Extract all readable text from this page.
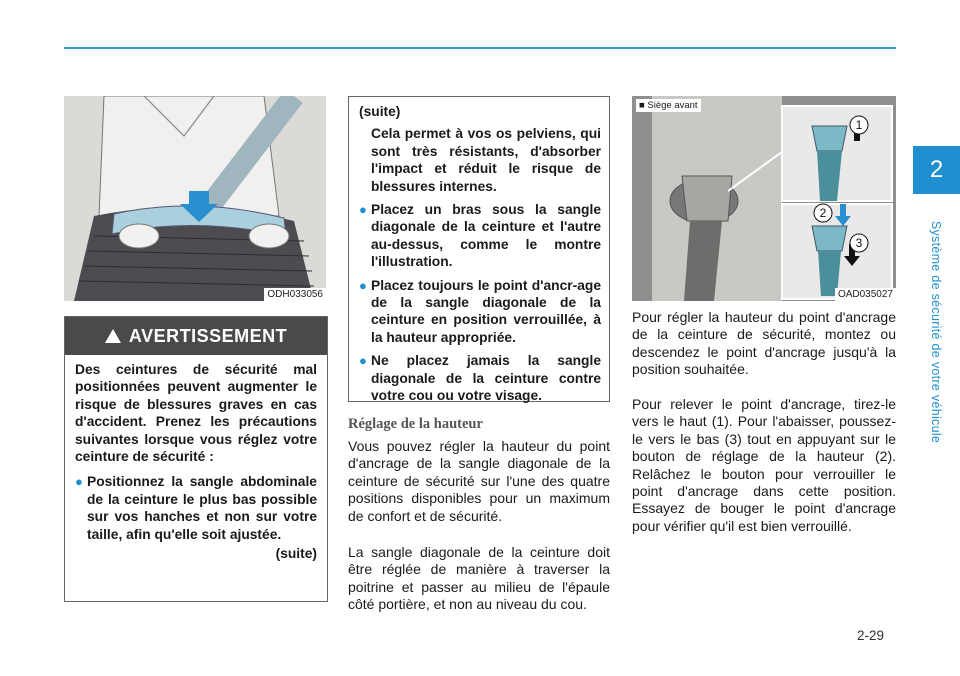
2
Système de sécurité de votre véhicule
2-29
ODH033056
AVERTISSEMENT

Des ceintures de sécurité mal positionnées peuvent augmenter le risque de blessures graves en cas d'accident. Prenez les précautions suivantes lorsque vous réglez votre ceinture de sécurité :

● Positionnez la sangle abdominale de la ceinture le plus bas possible sur vos hanches et non sur votre taille, afin qu'elle soit ajustée.
(suite)
(suite)
Cela permet à vos os pelviens, qui sont très résistants, d'absorber l'impact et réduit le risque de blessures internes.
● Placez un bras sous la sangle diagonale de la ceinture et l'autre au-dessus, comme le montre l'illustration.
● Placez toujours le point d'ancr-age de la sangle diagonale de la ceinture en position verrouillée, à la hauteur appropriée.
● Ne placez jamais la sangle diagonale de la ceinture contre votre cou ou votre visage.
Réglage de la hauteur
Vous pouvez régler la hauteur du point d'ancrage de la sangle diagonale de la ceinture de sécurité sur l'une des quatre positions disponibles pour un maximum de confort et de sécurité.
La sangle diagonale de la ceinture doit être réglée de manière à traverser la poitrine et passer au milieu de l'épaule côté portière, et non au niveau du cou.
1
2
3
■ Siège avant
OAD035027
Pour régler la hauteur du point d'ancrage de la ceinture de sécurité, montez ou descendez le point d'ancrage jusqu'à la position souhaitée.
Pour relever le point d'ancrage, tirez-le vers le haut (1). Pour l'abaisser, poussez-le vers le bas (3) tout en appuyant sur le bouton de réglage de la hauteur (2). Relâchez le bouton pour verrouiller le point d'ancrage dans cette position. Essayez de bouger le point d'ancrage pour vérifier qu'il est bien verrouillé.
